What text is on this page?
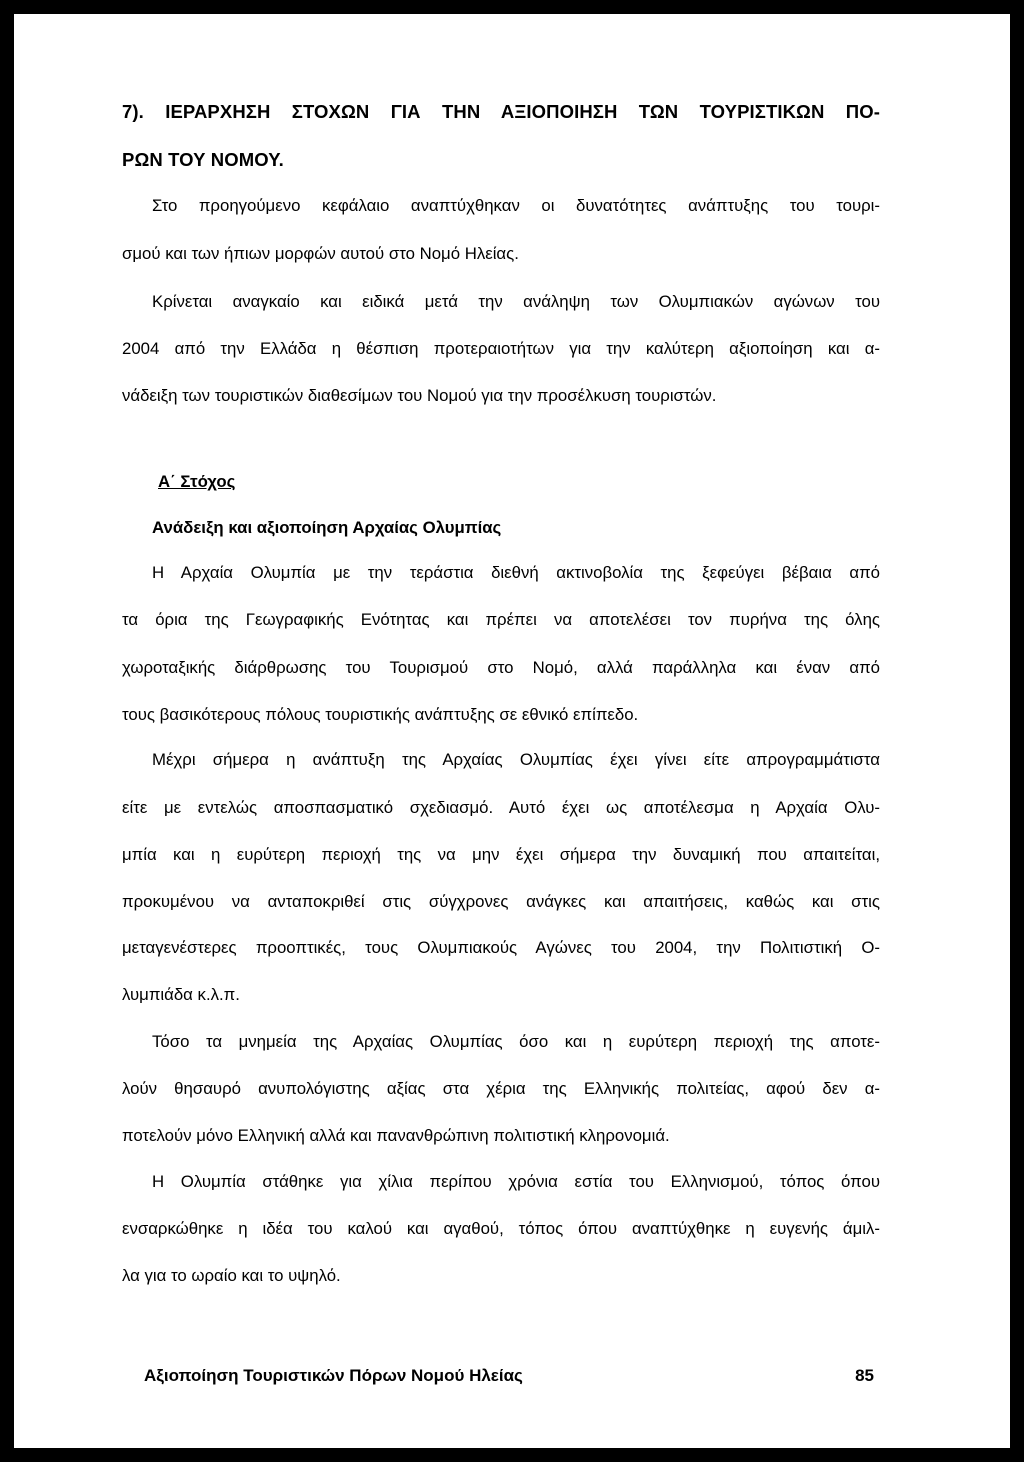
7). ΙΕΡΑΡΧΗΣΗ ΣΤΟΧΩΝ ΓΙΑ ΤΗΝ ΑΞΙΟΠΟΙΗΣΗ ΤΩΝ ΤΟΥΡΙΣΤΙΚΩΝ ΠΟ-
ΡΩΝ ΤΟΥ ΝΟΜΟΥ.
Στο προηγούμενο κεφάλαιο αναπτύχθηκαν οι δυνατότητες ανάπτυξης του τουρι-
σμού και των ήπιων μορφών αυτού στο Νομό Ηλείας.
Κρίνεται αναγκαίο και ειδικά μετά την ανάληψη των Ολυμπιακών αγώνων του
2004 από την Ελλάδα η θέσπιση προτεραιοτήτων για την καλύτερη αξιοποίηση και α-
νάδειξη των τουριστικών διαθεσίμων του Νομού για την προσέλκυση τουριστών.
Α΄ Στόχος
Ανάδειξη και αξιοποίηση Αρχαίας Ολυμπίας
Η Αρχαία Ολυμπία με την τεράστια διεθνή ακτινοβολία της ξεφεύγει βέβαια από
τα όρια της Γεωγραφικής Ενότητας και πρέπει να αποτελέσει τον πυρήνα της όλης
χωροταξικής διάρθρωσης του Τουρισμού στο Νομό, αλλά παράλληλα και έναν από
τους βασικότερους πόλους τουριστικής ανάπτυξης σε εθνικό επίπεδο.
Μέχρι σήμερα η ανάπτυξη της Αρχαίας Ολυμπίας έχει γίνει είτε απρογραμμάτιστα
είτε με εντελώς αποσπασματικό σχεδιασμό. Αυτό έχει ως αποτέλεσμα η Αρχαία Ολυ-
μπία και η ευρύτερη περιοχή της να μην έχει σήμερα την δυναμική που απαιτείται,
προκυμένου να ανταποκριθεί στις σύγχρονες ανάγκες και απαιτήσεις, καθώς και στις
μεταγενέστερες προοπτικές, τους Ολυμπιακούς Αγώνες του 2004, την Πολιτιστική Ο-
λυμπιάδα κ.λ.π.
Τόσο τα μνημεία της Αρχαίας Ολυμπίας όσο και η ευρύτερη περιοχή της αποτε-
λούν θησαυρό ανυπολόγιστης αξίας στα χέρια της Ελληνικής πολιτείας, αφού δεν α-
ποτελούν μόνο Ελληνική αλλά και πανανθρώπινη πολιτιστική κληρονομιά.
Η Ολυμπία στάθηκε για χίλια περίπου χρόνια εστία του Ελληνισμού, τόπος όπου
ενσαρκώθηκε η ιδέα του καλού και αγαθού, τόπος όπου αναπτύχθηκε η ευγενής άμιλ-
λα για το ωραίο και το υψηλό.
Αξιοποίηση Τουριστικών Πόρων Νομού Ηλείας	85
